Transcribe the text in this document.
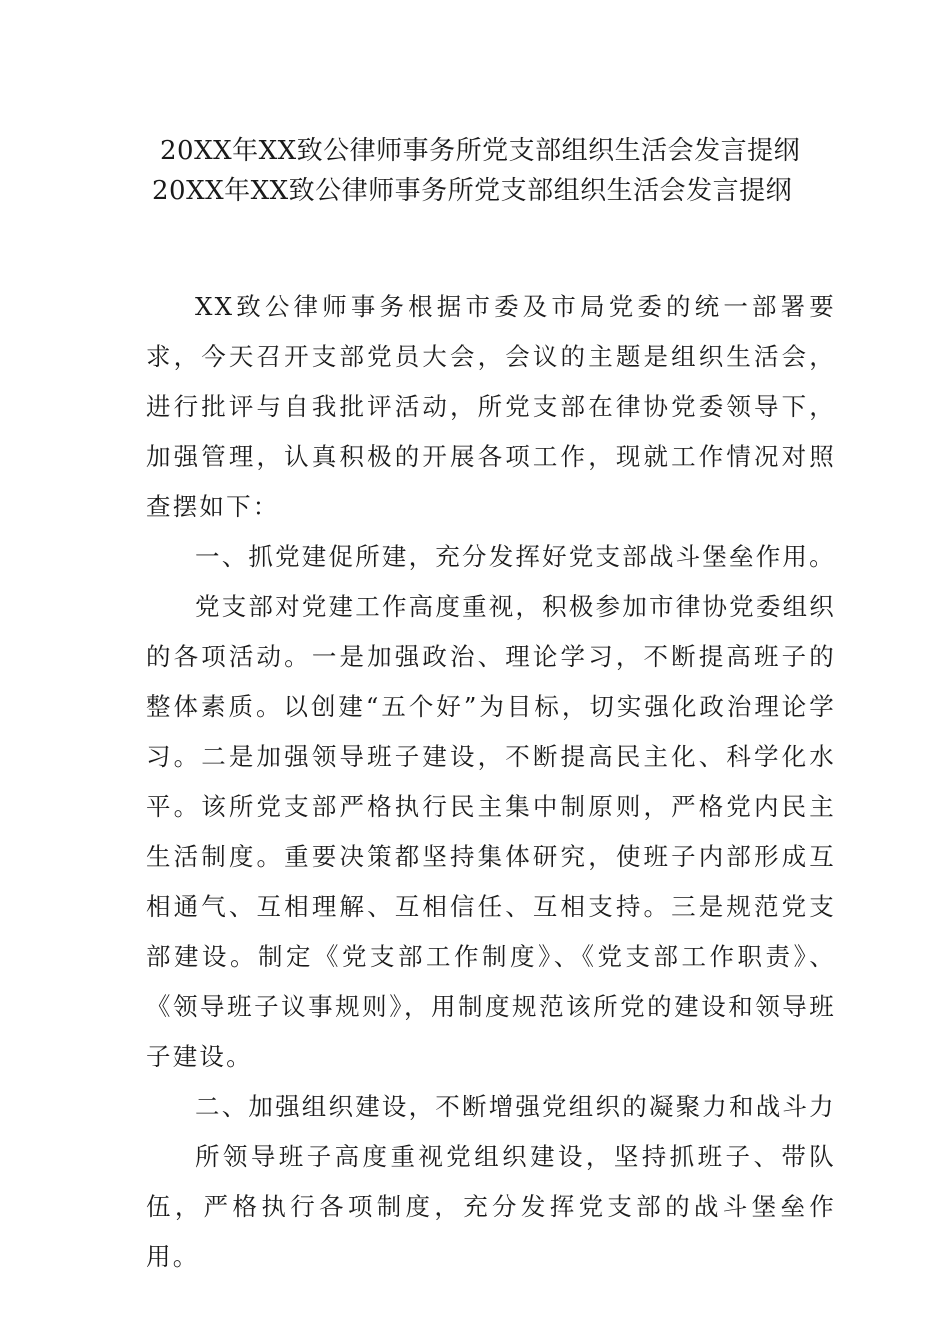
20XX年XX致公律师事务所党支部组织生活会发言提纲
20XX年XX致公律师事务所党支部组织生活会发言提纲

XX致公律师事务根据市委及市局党委的统一部署要求，今天召开支部党员大会，会议的主题是组织生活会，进行批评与自我批评活动，所党支部在律协党委领导下，加强管理，认真积极的开展各项工作，现就工作情况对照查摆如下：

一、抓党建促所建，充分发挥好党支部战斗堡垒作用。

党支部对党建工作高度重视，积极参加市律协党委组织的各项活动。一是加强政治、理论学习，不断提高班子的整体素质。以创建“五个好”为目标，切实强化政治理论学习。二是加强领导班子建设，不断提高民主化、科学化水平。该所党支部严格执行民主集中制原则，严格党内民主生活制度。重要决策都坚持集体研究，使班子内部形成互相通气、互相理解、互相信任、互相支持。三是规范党支部建设。制定《党支部工作制度》、《党支部工作职责》、《领导班子议事规则》，用制度规范该所党的建设和领导班子建设。

二、加强组织建设，不断增强党组织的凝聚力和战斗力

所领导班子高度重视党组织建设，坚持抓班子、带队伍，严格执行各项制度，充分发挥党支部的战斗堡垒作用。
